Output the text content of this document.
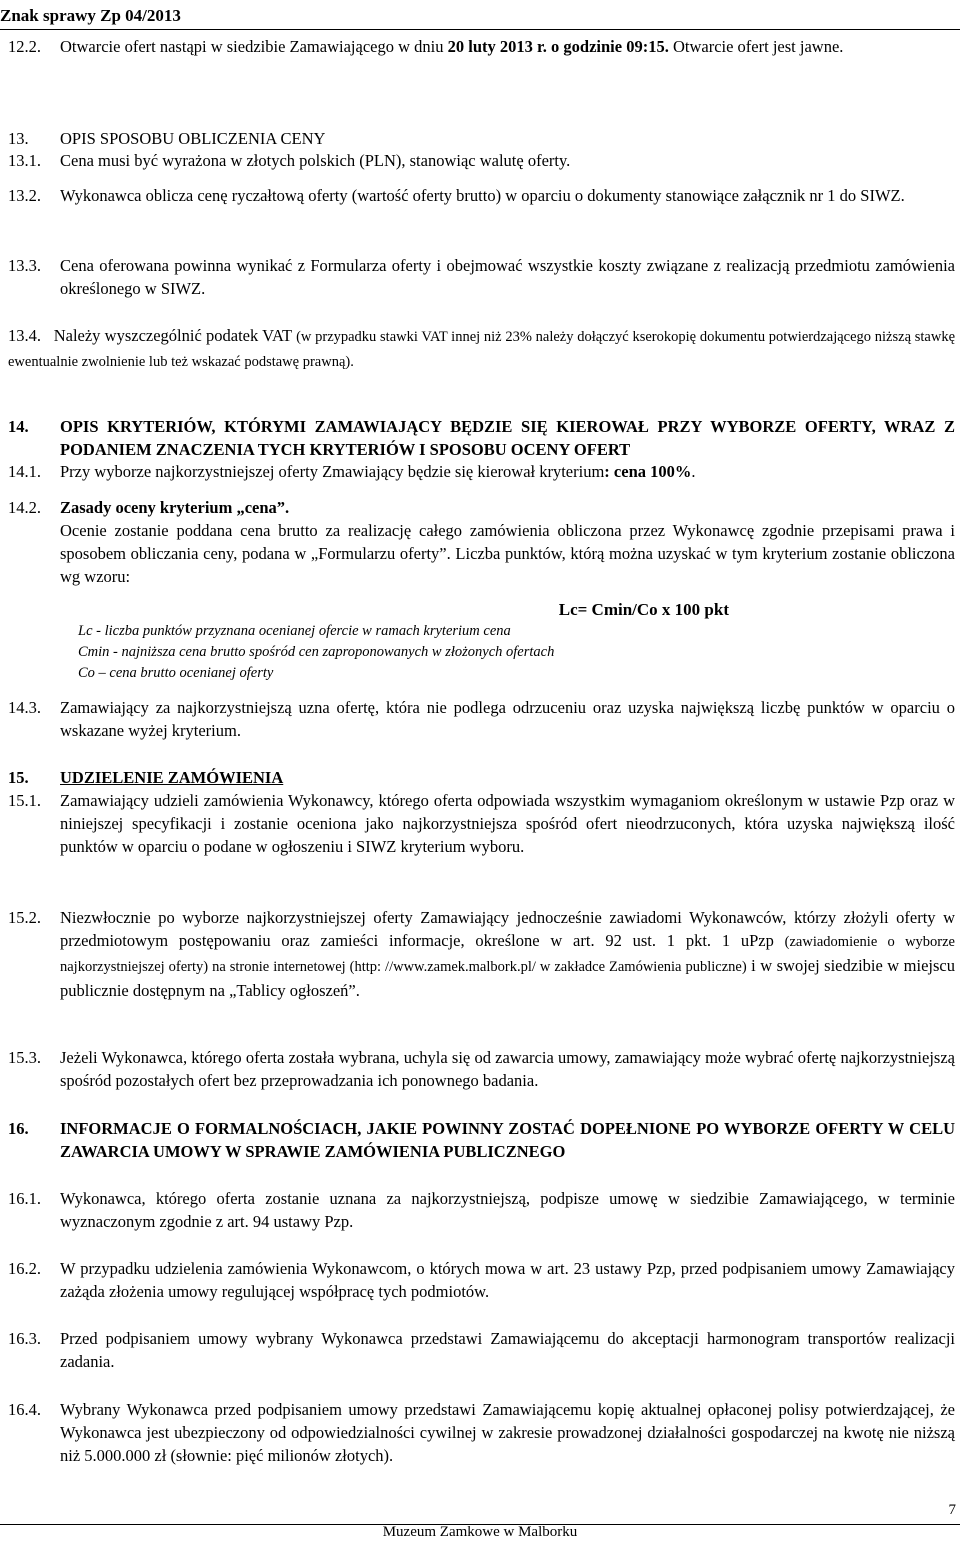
Znak sprawy Zp 04/2013
12.2.	Otwarcie ofert nastąpi w siedzibie Zamawiającego w dniu 20 luty 2013 r. o godzinie 09:15. Otwarcie ofert jest jawne.
13.	OPIS SPOSOBU OBLICZENIA CENY
13.1.	Cena musi być wyrażona w złotych polskich (PLN), stanowiąc walutę oferty.
13.2.	Wykonawca oblicza cenę ryczałtową oferty (wartość oferty brutto) w oparciu o dokumenty stanowiące załącznik nr 1 do SIWZ.
13.3.	Cena oferowana powinna wynikać z Formularza oferty i obejmować wszystkie koszty związane z realizacją przedmiotu zamówienia określonego w SIWZ.
13.4. Należy wyszczególnić podatek VAT (w przypadku stawki VAT innej niż 23% należy dołączyć kserokopię dokumentu potwierdzającego niższą stawkę ewentualnie zwolnienie lub też wskazać podstawę prawną).
14.	OPIS KRYTERIÓW, KTÓRYMI ZAMAWIAJĄCY BĘDZIE SIĘ KIEROWAŁ PRZY WYBORZE OFERTY, WRAZ Z PODANIEM ZNACZENIA TYCH KRYTERIÓW I SPOSOBU OCENY OFERT
14.1.	Przy wyborze najkorzystniejszej oferty Zmawiający będzie się kierował kryterium: cena 100%.
14.2.	Zasady oceny kryterium „cena”.
Ocenie zostanie poddana cena brutto za realizację całego zamówienia obliczona przez Wykonawcę zgodnie przepisami prawa i sposobem obliczania ceny, podana w „Formularzu oferty”. Liczba punktów, którą można uzyskać w tym kryterium zostanie obliczona wg wzoru:
Lc= Cmin/Co x 100 pkt
Lc - liczba punktów przyznana ocenianej ofercie w ramach kryterium cena
Cmin - najniższa cena brutto spośród cen zaproponowanych w złożonych ofertach
Co – cena brutto ocenianej oferty
14.3.	Zamawiający za najkorzystniejszą uzna ofertę, która nie podlega odrzuceniu oraz uzyska największą liczbę punktów w oparciu o wskazane wyżej kryterium.
15.	UDZIELENIE ZAMÓWIENIA
15.1.	Zamawiający udzieli zamówienia Wykonawcy, którego oferta odpowiada wszystkim wymaganiom określonym w ustawie Pzp oraz w niniejszej specyfikacji i zostanie oceniona jako najkorzystniejsza spośród ofert nieodrzuconych, która uzyska największą ilość punktów w oparciu o podane w ogłoszeniu i SIWZ kryterium wyboru.
15.2.	Niezwłocznie po wyborze najkorzystniejszej oferty Zamawiający jednocześnie zawiadomi Wykonawców, którzy złożyli oferty w przedmiotowym postępowaniu oraz zamieści informacje, określone w art. 92 ust. 1 pkt. 1 uPzp (zawiadomienie o wyborze najkorzystniejszej oferty) na stronie internetowej (http: //www.zamek.malbork.pl/ w zakładce Zamówienia publiczne) i w swojej siedzibie w miejscu publicznie dostępnym na „Tablicy ogłoszeń”.
15.3.	Jeżeli Wykonawca, którego oferta została wybrana, uchyla się od zawarcia umowy, zamawiający może wybrać ofertę najkorzystniejszą spośród pozostałych ofert bez przeprowadzania ich ponownego badania.
16.	INFORMACJE O FORMALNOŚCIACH, JAKIE POWINNY ZOSTAĆ DOPEŁNIONE PO WYBORZE OFERTY W CELU ZAWARCIA UMOWY W SPRAWIE ZAMÓWIENIA PUBLICZNEGO
16.1.	Wykonawca, którego oferta zostanie uznana za najkorzystniejszą, podpisze umowę w siedzibie Zamawiającego, w terminie wyznaczonym zgodnie z art. 94 ustawy Pzp.
16.2.	W przypadku udzielenia zamówienia Wykonawcom, o których mowa w art. 23 ustawy Pzp, przed podpisaniem umowy Zamawiający zażąda złożenia umowy regulującej współpracę tych podmiotów.
16.3.	Przed podpisaniem umowy wybrany Wykonawca przedstawi Zamawiającemu do akceptacji harmonogram transportów realizacji zadania.
16.4.	Wybrany Wykonawca przed podpisaniem umowy przedstawi Zamawiającemu kopię aktualnej opłaconej polisy potwierdzającej, że Wykonawca jest ubezpieczony od odpowiedzialności cywilnej w zakresie prowadzonej działalności gospodarczej na kwotę nie niższą niż 5.000.000 zł (słownie: pięć milionów złotych).
7
Muzeum Zamkowe w Malborku
